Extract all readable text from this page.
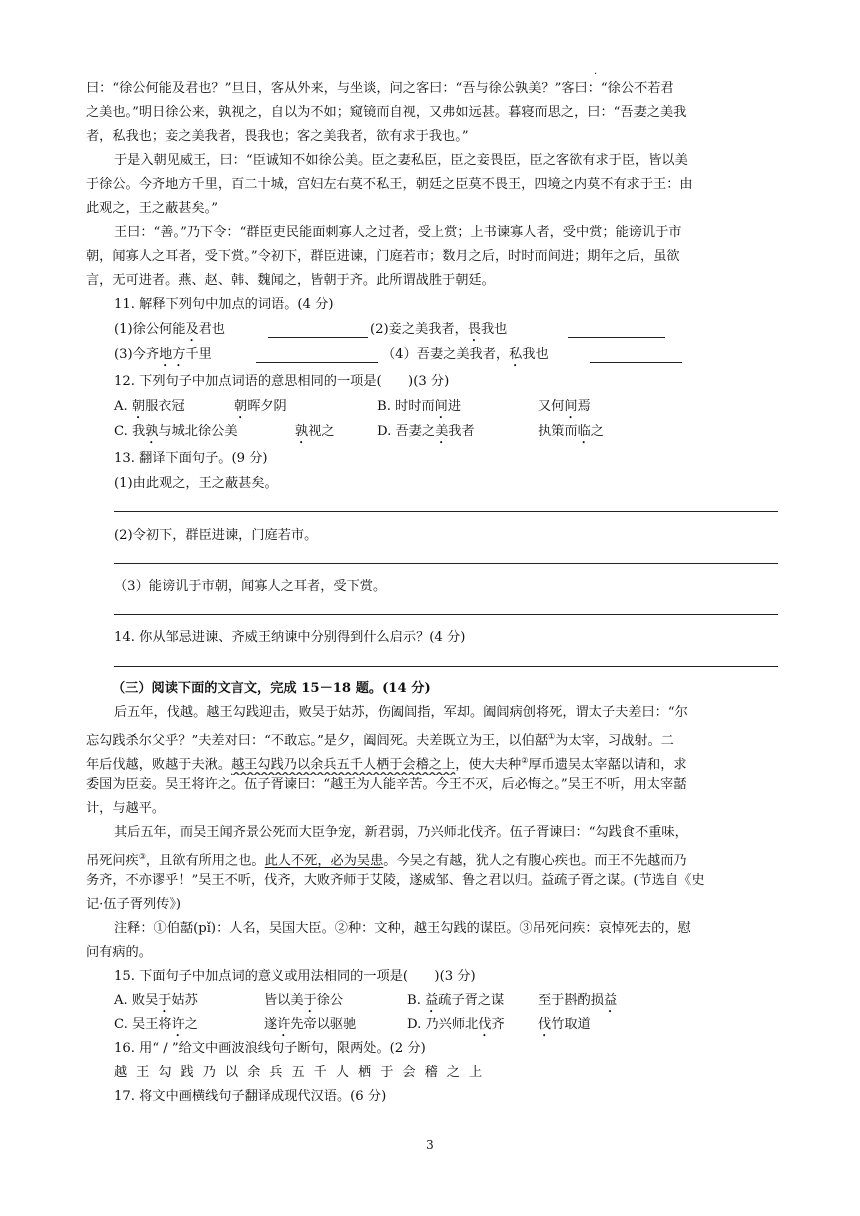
.
曰：“徐公何能及君也？”旦日，客从外来，与坐谈，问之客曰：“吾与徐公孰美？”客曰：“徐公不若君
之美也。”明日徐公来，孰视之，自以为不如；窥镜而自视，又弗如远甚。暮寝而思之，曰：“吾妻之美我
者，私我也；妾之美我者，畏我也；客之美我者，欲有求于我也。”
于是入朝见威王，曰：“臣诚知不如徐公美。臣之妻私臣，臣之妾畏臣，臣之客欲有求于臣，皆以美
于徐公。今齐地方千里，百二十城，宫妇左右莫不私王，朝廷之臣莫不畏王，四境之内莫不有求于王：由
此观之，王之蔽甚矣。”
王曰：“善。”乃下令：“群臣吏民能面刺寡人之过者，受上赏；上书谏寡人者，受中赏；能谤讥于市
朝，闻寡人之耳者，受下赏。”令初下，群臣进谏，门庭若市；数月之后，时时而间进；期年之后，虽欲
言，无可进者。燕、赵、韩、魏闻之，皆朝于齐。此所谓战胜于朝廷。
11. 解释下列句中加点的词语。(4 分)
(1)徐公何能及君也	(2)妾之美我者，畏我也
(3)今齐地方千里	（4）吾妻之美我者，私我也
12. 下列句子中加点词语的意思相同的一项是(　　)(3 分)
A. 朝服衣冠	朝晖夕阴	B. 时时而间进	又何间焉
C. 我孰与城北徐公美	孰视之	D. 吾妻之美我者	执策而临之
13. 翻译下面句子。(9 分)
(1)由此观之，王之蔽甚矣。
(2)令初下，群臣进谏，门庭若市。
（3）能谤讥于市朝，闻寡人之耳者，受下赏。
14. 你从邹忌进谏、齐威王纳谏中分别得到什么启示？(4 分)
（三）阅读下面的文言文，完成 15－18 题。(14 分)
后五年，伐越。越王勾践迎击，败吴于姑苏，伤阖闾指，军却。阖闾病创将死，谓太子夫差曰：“尔
忘勾践杀尔父乎？”夫差对曰：“不敢忘。”是夕，阖闾死。夫差既立为王，以伯嚭①为太宰，习战射。二
年后伐越，败越于夫湫。越王勾践乃以余兵五千人栖于会稽之上，使大夫种②厚币遗吴太宰嚭以请和，求
委国为臣妾。吴王将许之。伍子胥谏曰：“越王为人能辛苦。今王不灭，后必悔之。”吴王不听，用太宰嚭
计，与越平。
其后五年，而吴王闻齐景公死而大臣争宠，新君弱，乃兴师北伐齐。伍子胥谏曰：“勾践食不重味，
吊死问疾③，且欲有所用之也。此人不死，必为吴患。今吴之有越，犹人之有腹心疾也。而王不先越而乃
务齐，不亦谬乎！”吴王不听，伐齐，大败齐师于艾陵，遂威邹、鲁之君以归。益疏子胥之谋。(节选自《史
记·伍子胥列传》)
注释：①伯嚭(pǐ)：人名，吴国大臣。②种：文种，越王勾践的谋臣。③吊死问疾：哀悼死去的，慰
问有病的。
15. 下面句子中加点词的意义或用法相同的一项是(　　)(3 分)
A. 败吴于姑苏	皆以美于徐公	B. 益疏子胥之谋	至于斟酌损益
C. 吴王将许之	遂许先帝以驱驰	D. 乃兴师北伐齐	伐竹取道
16. 用“ / ”给文中画波浪线句子断句，限两处。(2 分)
越王勾践乃以余兵五千人栖于会稽之上
17. 将文中画横线句子翻译成现代汉语。(6 分)
3
